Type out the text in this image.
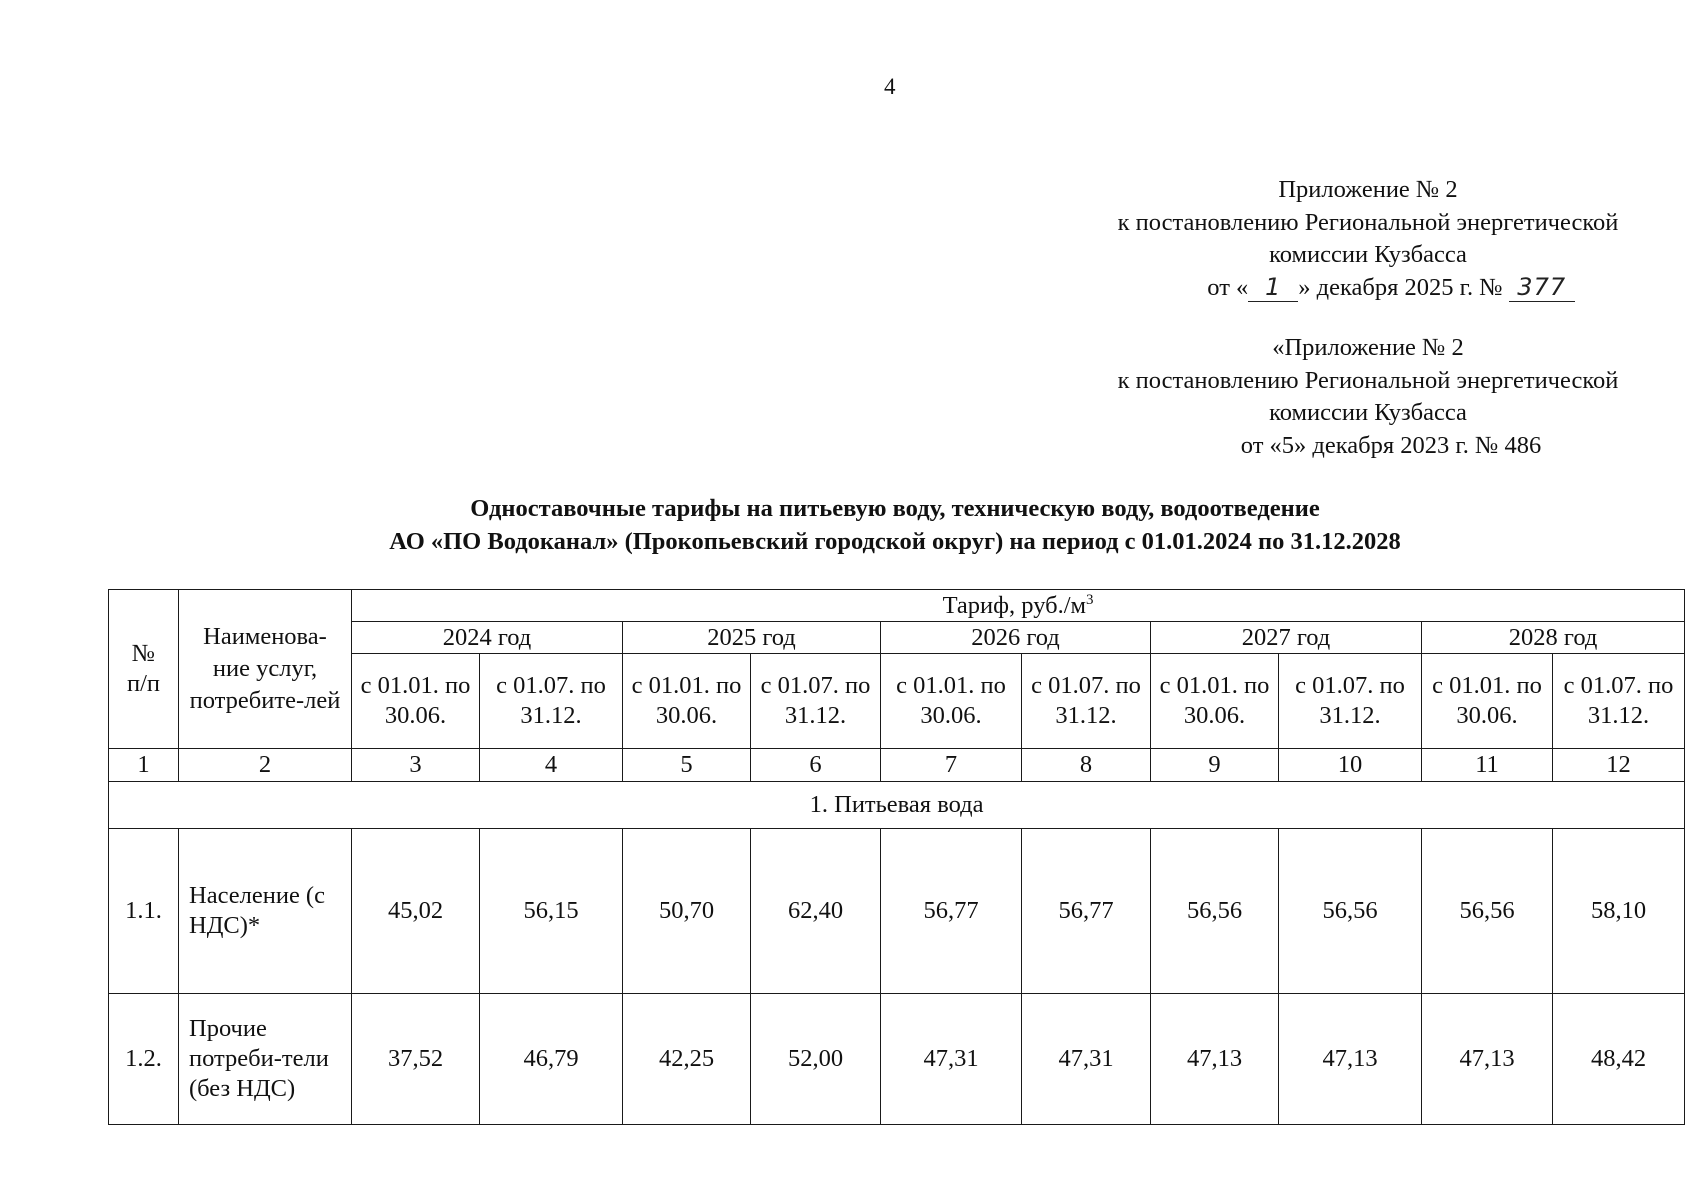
4
Приложение № 2
к постановлению Региональной энергетической
комиссии Кузбасса
от « 1 » декабря 2025 г. № 377
«Приложение № 2
к постановлению Региональной энергетической
комиссии Кузбасса
от «5» декабря 2023 г. № 486
Одноставочные тарифы на питьевую воду, техническую воду, водоотведение
АО «ПО Водоканал» (Прокопьевский городской округ) на период с 01.01.2024 по 31.12.2028
№ п/п	Наименова-ние услуг, потребите-лей	Тариф, $руб./м^3$
		2024 год		2025 год		2026 год		2027 год		2028 год	
		с 01.01. по 30.06.	с 01.07. по 31.12.	с 01.01. по 30.06.	с 01.07. по 31.12.	с 01.01. по 30.06.	с 01.07. по 31.12.	с 01.01. по 30.06.	с 01.07. по 31.12.	с 01.01. по 30.06.	с 01.07. по 31.12.
1	2	3	4	5	6	7	8	9	10	11	12
1. Питьевая вода											
1.1.	Население (с НДС)*	45,02	56,15	50,70	62,40	56,77	56,77	56,56	56,56	56,56	58,10
1.2.	Прочие потреби-тели (без НДС)	37,52	46,79	42,25	52,00	47,31	47,31	47,13	47,13	47,13	48,42
